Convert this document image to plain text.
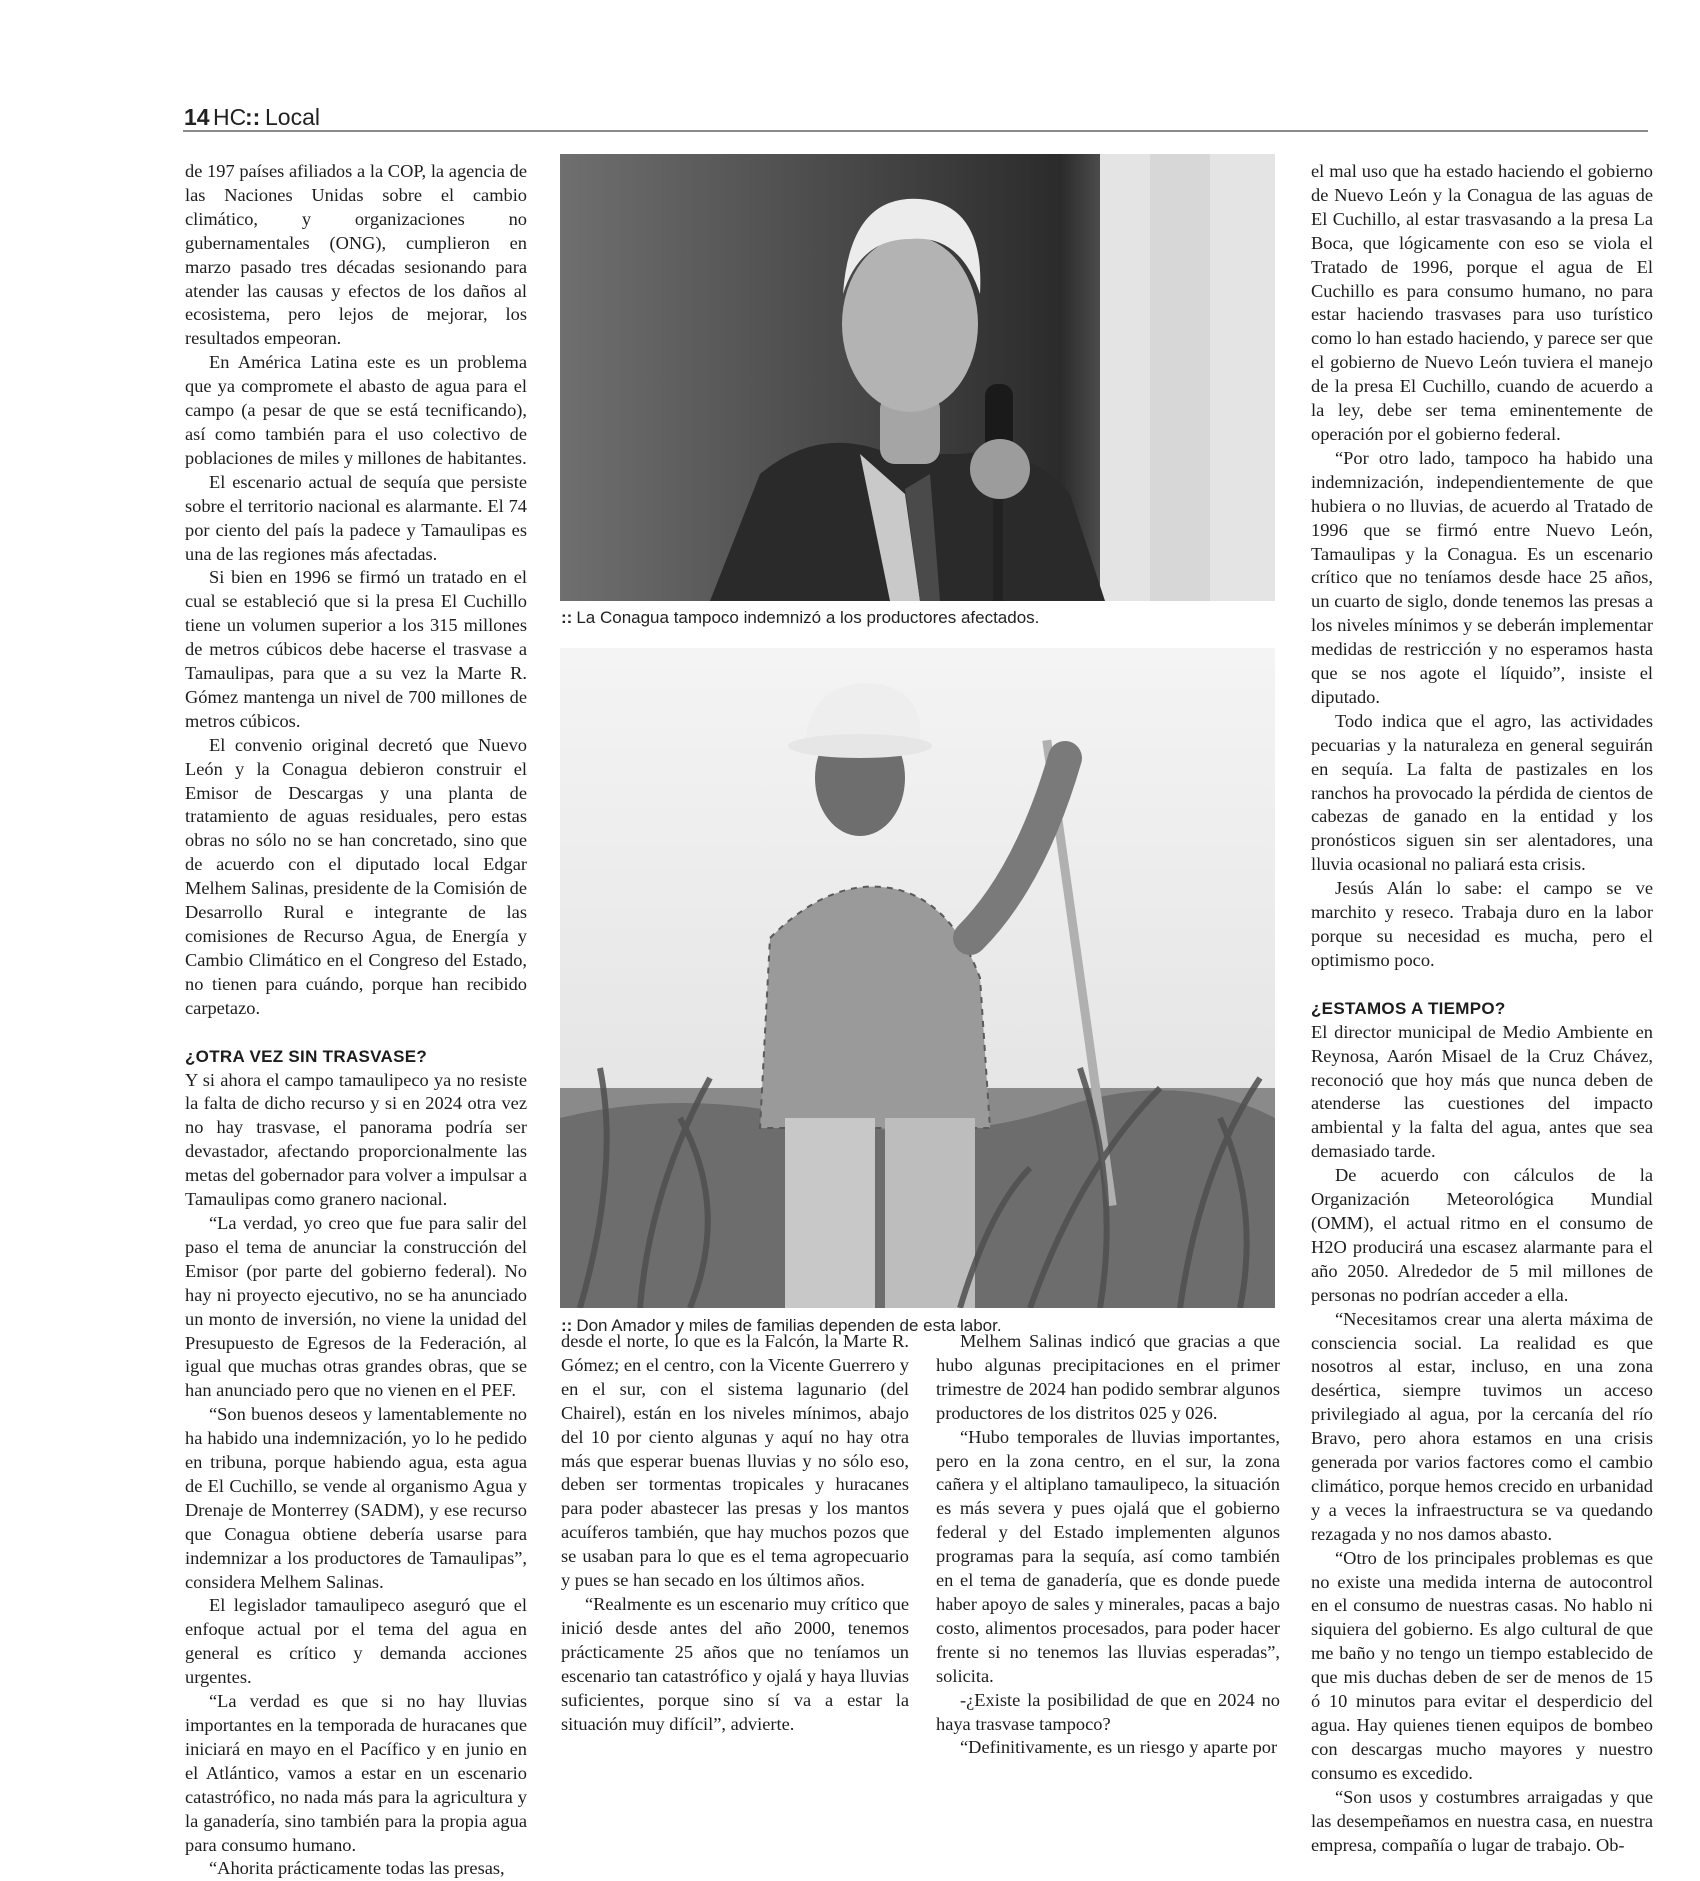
14 HC
:: Local

de 197 países afiliados a la COP, la agencia de las Naciones Unidas sobre el cambio climático, y organizaciones no gubernamentales (ONG), cumplieron en marzo pasado tres décadas sesionando para atender las causas y efectos de los daños al ecosistema, pero lejos de mejorar, los resultados empeoran.

En América Latina este es un problema que ya compromete el abasto de agua para el campo (a pesar de que se está tecnificando), así como también para el uso colectivo de poblaciones de miles y millones de habitantes.

El escenario actual de sequía que persiste sobre el territorio nacional es alarmante. El 74 por ciento del país la padece y Tamaulipas es una de las regiones más afectadas.

Si bien en 1996 se firmó un tratado en el cual se estableció que si la presa El Cuchillo tiene un volumen superior a los 315 millones de metros cúbicos debe hacerse el trasvase a Tamaulipas, para que a su vez la Marte R. Gómez mantenga un nivel de 700 millones de metros cúbicos.

El convenio original decretó que Nuevo León y la Conagua debieron construir el Emisor de Descargas y una planta de tratamiento de aguas residuales, pero estas obras no sólo no se han concretado, sino que de acuerdo con el diputado local Edgar Melhem Salinas, presidente de la Comisión de Desarrollo Rural e integrante de las comisiones de Recurso Agua, de Energía y Cambio Climático en el Congreso del Estado, no tienen para cuándo, porque han recibido carpetazo.

¿OTRA VEZ SIN TRASVASE?

Y si ahora el campo tamaulipeco ya no resiste la falta de dicho recurso y si en 2024 otra vez no hay trasvase, el panorama podría ser devastador, afectando proporcionalmente las metas del gobernador para volver a impulsar a Tamaulipas como granero nacional.

“La verdad, yo creo que fue para salir del paso el tema de anunciar la construcción del Emisor (por parte del gobierno federal). No hay ni proyecto ejecutivo, no se ha anunciado un monto de inversión, no viene la unidad del Presupuesto de Egresos de la Federación, al igual que muchas otras grandes obras, que se han anunciado pero que no vienen en el PEF.

“Son buenos deseos y lamentablemente no ha habido una indemnización, yo lo he pedido en tribuna, porque habiendo agua, esta agua de El Cuchillo, se vende al organismo Agua y Drenaje de Monterrey (SADM), y ese recurso que Conagua obtiene debería usarse para indemnizar a los productores de Tamaulipas”, considera Melhem Salinas.

El legislador tamaulipeco aseguró que el enfoque actual por el tema del agua en general es crítico y demanda acciones urgentes.

“La verdad es que si no hay lluvias importantes en la temporada de huracanes que iniciará en mayo en el Pacífico y en junio en el Atlántico, vamos a estar en un escenario catastrófico, no nada más para la agricultura y la ganadería, sino también para la propia agua para consumo humano.

“Ahorita prácticamente todas las presas,

desde el norte, lo que es la Falcón, la Marte R. Gómez; en el centro, con la Vicente Guerrero y en el sur, con el sistema lagunario (del Chairel), están en los niveles mínimos, abajo del 10 por ciento algunas y aquí no hay otra más que esperar buenas lluvias y no sólo eso, deben ser tormentas tropicales y huracanes para poder abastecer las presas y los mantos acuíferos también, que hay muchos pozos que se usaban para lo que es el tema agropecuario y pues se han secado en los últimos años.

“Realmente es un escenario muy crítico que inició desde antes del año 2000, tenemos prácticamente 25 años que no teníamos un escenario tan catastrófico y ojalá y haya lluvias suficientes, porque sino sí va a estar la situación muy difícil”, advierte.

Melhem Salinas indicó que gracias a que hubo algunas precipitaciones en el primer trimestre de 2024 han podido sembrar algunos productores de los distritos 025 y 026.

“Hubo temporales de lluvias importantes, pero en la zona centro, en el sur, la zona cañera y el altiplano tamaulipeco, la situación es más severa y pues ojalá que el gobierno federal y del Estado implementen algunos programas para la sequía, así como también en el tema de ganadería, que es donde puede haber apoyo de sales y minerales, pacas a bajo costo, alimentos procesados, para poder hacer frente si no tenemos las lluvias esperadas”, solicita.

-¿Existe la posibilidad de que en 2024 no haya trasvase tampoco?

“Definitivamente, es un riesgo y aparte por

el mal uso que ha estado haciendo el gobierno de Nuevo León y la Conagua de las aguas de El Cuchillo, al estar trasvasando a la presa La Boca, que lógicamente con eso se viola el Tratado de 1996, porque el agua de El Cuchillo es para consumo humano, no para estar haciendo trasvases para uso turístico como lo han estado haciendo, y parece ser que el gobierno de Nuevo León tuviera el manejo de la presa El Cuchillo, cuando de acuerdo a la ley, debe ser tema eminentemente de operación por el gobierno federal.

“Por otro lado, tampoco ha habido una indemnización, independientemente de que hubiera o no lluvias, de acuerdo al Tratado de 1996 que se firmó entre Nuevo León, Tamaulipas y la Conagua. Es un escenario crítico que no teníamos desde hace 25 años, un cuarto de siglo, donde tenemos las presas a los niveles mínimos y se deberán implementar medidas de restricción y no esperamos hasta que se nos agote el líquido”, insiste el diputado.

Todo indica que el agro, las actividades pecuarias y la naturaleza en general seguirán en sequía. La falta de pastizales en los ranchos ha provocado la pérdida de cientos de cabezas de ganado en la entidad y los pronósticos siguen sin ser alentadores, una lluvia ocasional no paliará esta crisis.

Jesús Alán lo sabe: el campo se ve marchito y reseco. Trabaja duro en la labor porque su necesidad es mucha, pero el optimismo poco.

¿ESTAMOS A TIEMPO?

El director municipal de Medio Ambiente en Reynosa, Aarón Misael de la Cruz Chávez, reconoció que hoy más que nunca deben de atenderse las cuestiones del impacto ambiental y la falta del agua, antes que sea demasiado tarde.

De acuerdo con cálculos de la Organización Meteorológica Mundial (OMM), el actual ritmo en el consumo de H2O producirá una escasez alarmante para el año 2050. Alrededor de 5 mil millones de personas no podrían acceder a ella.

“Necesitamos crear una alerta máxima de consciencia social. La realidad es que nosotros al estar, incluso, en una zona desértica, siempre tuvimos un acceso privilegiado al agua, por la cercanía del río Bravo, pero ahora estamos en una crisis generada por varios factores como el cambio climático, porque hemos crecido en urbanidad y a veces la infraestructura se va quedando rezagada y no nos damos abasto.

“Otro de los principales problemas es que no existe una medida interna de autocontrol en el consumo de nuestras casas. No hablo ni siquiera del gobierno. Es algo cultural de que me baño y no tengo un tiempo establecido de que mis duchas deben de ser de menos de 15 ó 10 minutos para evitar el desperdicio del agua. Hay quienes tienen equipos de bombeo con descargas mucho mayores y nuestro consumo es excedido.

“Son usos y costumbres arraigadas y que las desempeñamos en nuestra casa, en nuestra empresa, compañía o lugar de trabajo. Ob-

:: La Conagua tampoco indemnizó a los productores afectados.
:: Don Amador y miles de familias dependen de esta labor.
